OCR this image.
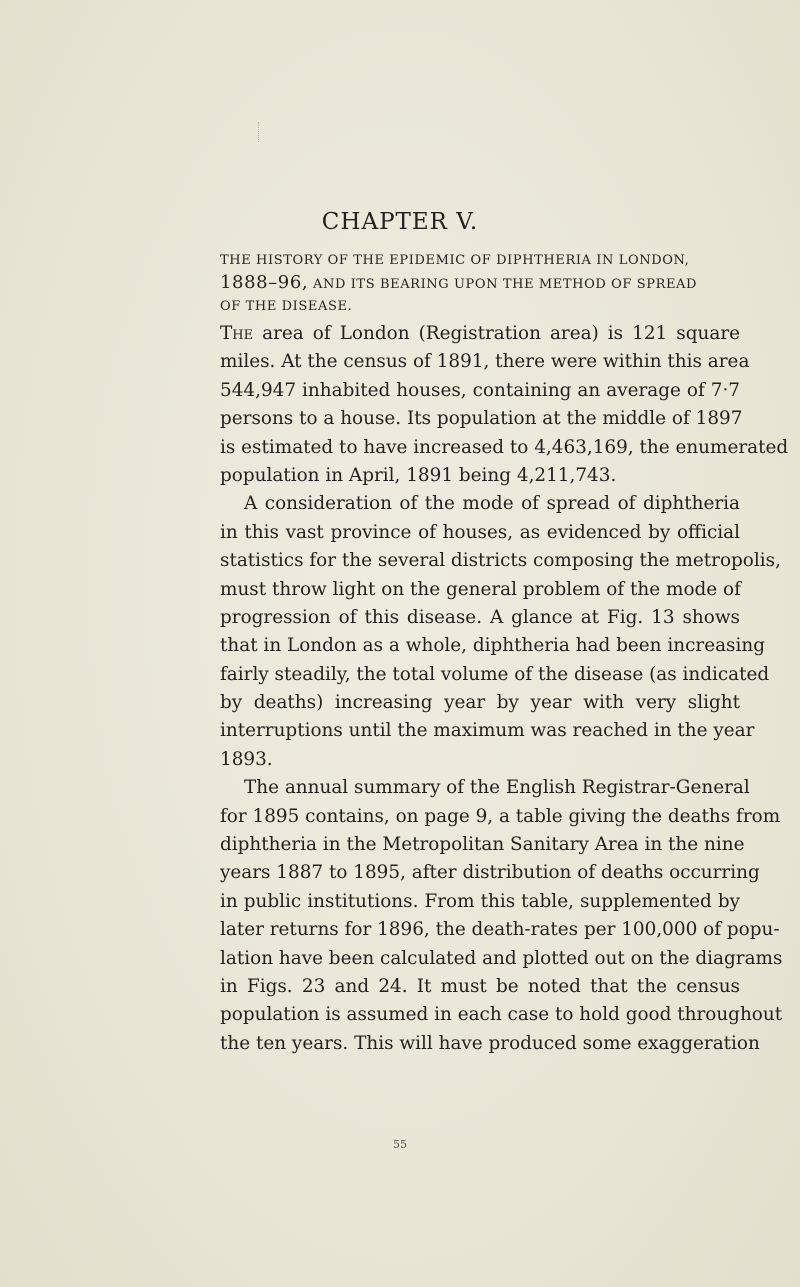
CHAPTER V.

THE HISTORY OF THE EPIDEMIC OF DIPHTHERIA IN LONDON,

1888–96, AND ITS BEARING UPON THE METHOD OF SPREAD

OF THE DISEASE.

The area of London (Registration area) is 121 square
miles. At the census of 1891, there were within this area
544,947 inhabited houses, containing an average of 7·7
persons to a house. Its population at the middle of 1897
is estimated to have increased to 4,463,169, the enumerated
population in April, 1891 being 4,211,743.
A consideration of the mode of spread of diphtheria
in this vast province of houses, as evidenced by official
statistics for the several districts composing the metropolis,
must throw light on the general problem of the mode of
progression of this disease. A glance at Fig. 13 shows
that in London as a whole, diphtheria had been increasing
fairly steadily, the total volume of the disease (as indicated
by deaths) increasing year by year with very slight
interruptions until the maximum was reached in the year
1893.
The annual summary of the English Registrar-General
for 1895 contains, on page 9, a table giving the deaths from
diphtheria in the Metropolitan Sanitary Area in the nine
years 1887 to 1895, after distribution of deaths occurring
in public institutions. From this table, supplemented by
later returns for 1896, the death-rates per 100,000 of popu-
lation have been calculated and plotted out on the diagrams
in Figs. 23 and 24. It must be noted that the census
population is assumed in each case to hold good throughout
the ten years. This will have produced some exaggeration
55
